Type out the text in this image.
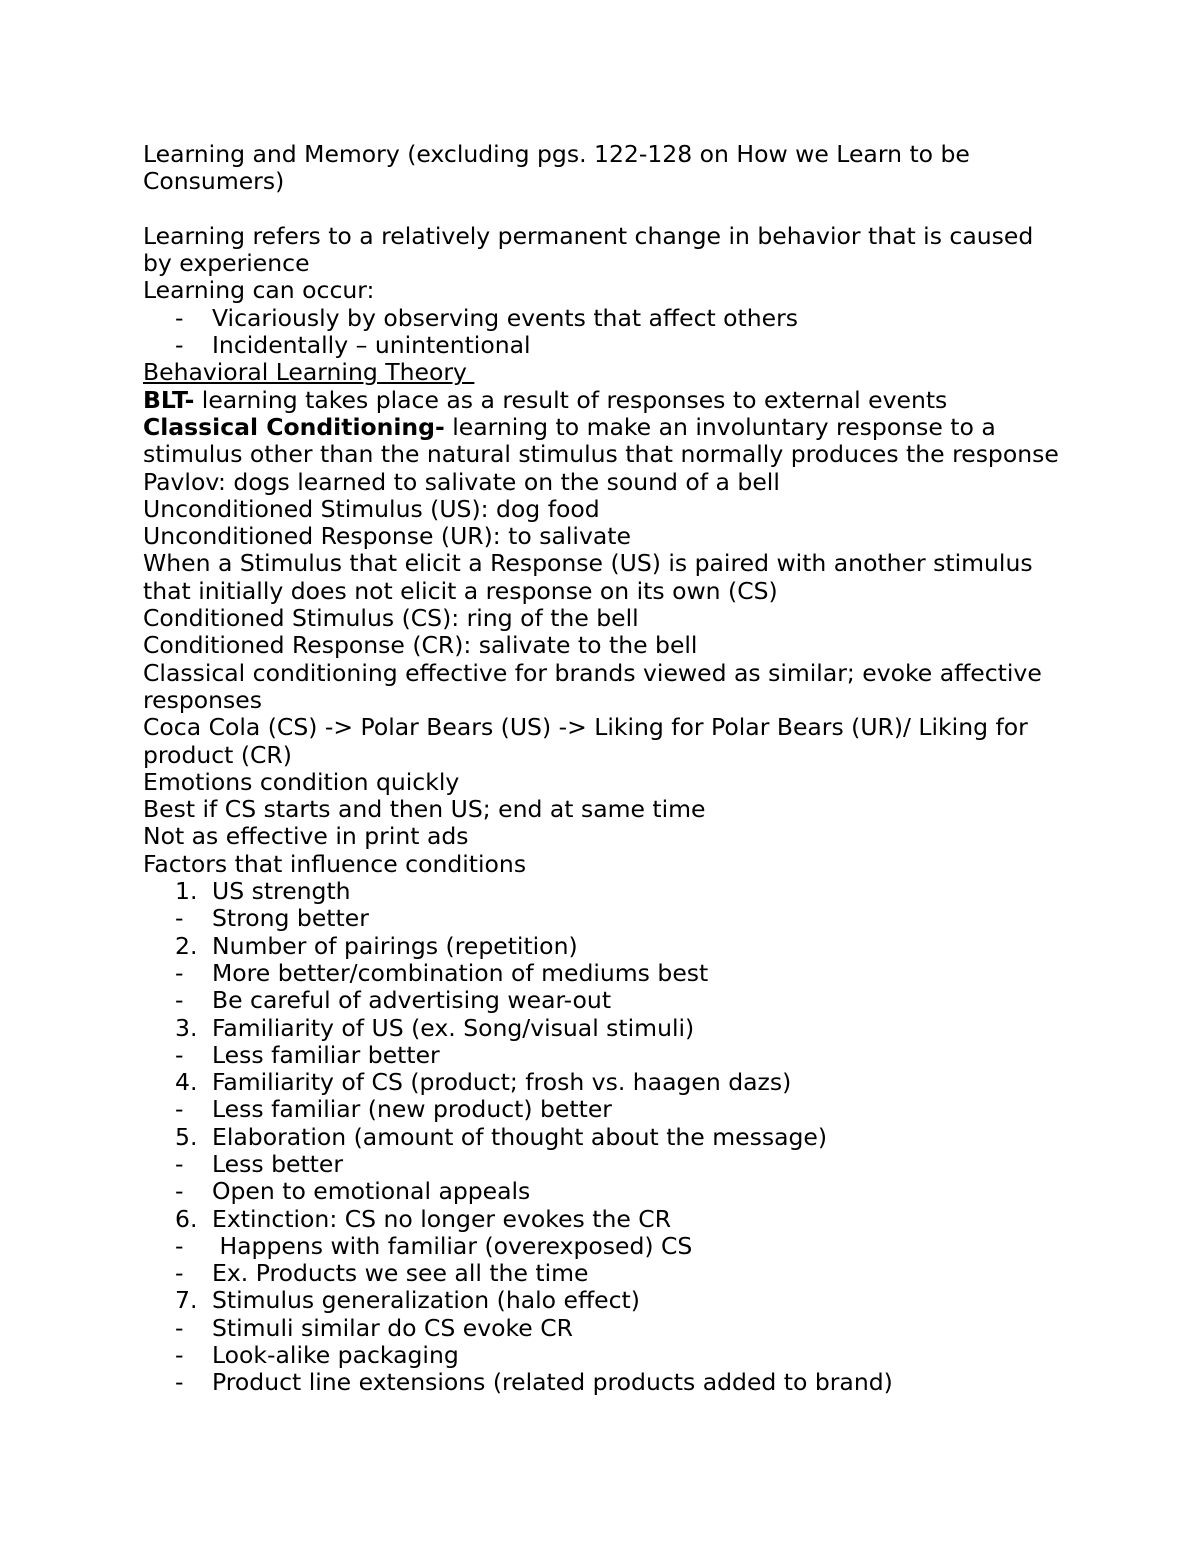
Learning and Memory (excluding pgs. 122-128 on How we Learn to be
Consumers)
Learning refers to a relatively permanent change in behavior that is caused
by experience
Learning can occur:
- Vicariously by observing events that affect others
- Incidentally – unintentional
Behavioral Learning Theory
BLT- learning takes place as a result of responses to external events
Classical Conditioning- learning to make an involuntary response to a
stimulus other than the natural stimulus that normally produces the response
Pavlov: dogs learned to salivate on the sound of a bell
Unconditioned Stimulus (US): dog food
Unconditioned Response (UR): to salivate
When a Stimulus that elicit a Response (US) is paired with another stimulus
that initially does not elicit a response on its own (CS)
Conditioned Stimulus (CS): ring of the bell
Conditioned Response (CR): salivate to the bell
Classical conditioning effective for brands viewed as similar; evoke affective
responses
Coca Cola (CS) -> Polar Bears (US) -> Liking for Polar Bears (UR)/ Liking for
product (CR)
Emotions condition quickly
Best if CS starts and then US; end at same time
Not as effective in print ads
Factors that influence conditions
1. US strength
- Strong better
2. Number of pairings (repetition)
- More better/combination of mediums best
- Be careful of advertising wear-out
3. Familiarity of US (ex. Song/visual stimuli)
- Less familiar better
4. Familiarity of CS (product; frosh vs. haagen dazs)
- Less familiar (new product) better
5. Elaboration (amount of thought about the message)
- Less better
- Open to emotional appeals
6. Extinction: CS no longer evokes the CR
- Happens with familiar (overexposed) CS
- Ex. Products we see all the time
7. Stimulus generalization (halo effect)
- Stimuli similar do CS evoke CR
- Look-alike packaging
- Product line extensions (related products added to brand)
